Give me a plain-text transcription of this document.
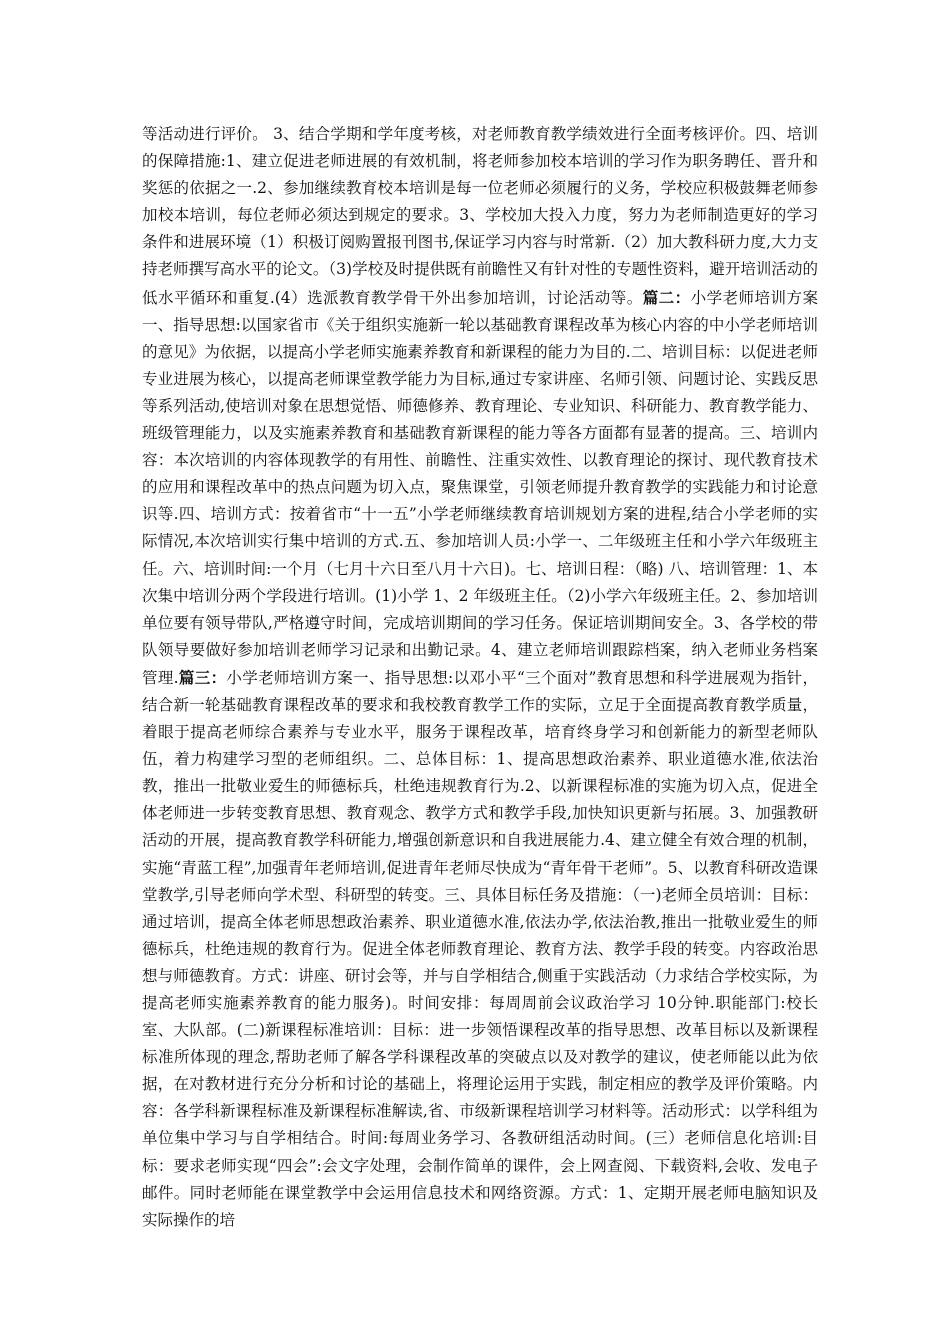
等活动进行评价。 3、结合学期和学年度考核，对老师教育教学绩效进行全面考核评价。四、培训的保障措施:1、建立促进老师进展的有效机制，将老师参加校本培训的学习作为职务聘任、晋升和奖惩的依据之一.2、参加继续教育校本培训是每一位老师必须履行的义务，学校应积极鼓舞老师参加校本培训，每位老师必须达到规定的要求。3、学校加大投入力度，努力为老师制造更好的学习条件和进展环境（1）积极订阅购置报刊图书,保证学习内容与时常新.（2）加大教科研力度,大力支持老师撰写高水平的论文。（3)学校及时提供既有前瞻性又有针对性的专题性资料，避开培训活动的低水平循环和重复.(4）选派教育教学骨干外出参加培训，讨论活动等。篇二：小学老师培训方案一、指导思想:以国家省市《关于组织实施新一轮以基础教育课程改革为核心内容的中小学老师培训的意见》为依据，以提高小学老师实施素养教育和新课程的能力为目的.二、培训目标：以促进老师专业进展为核心，以提高老师课堂教学能力为目标,通过专家讲座、名师引领、问题讨论、实践反思等系列活动,使培训对象在思想觉悟、师德修养、教育理论、专业知识、科研能力、教育教学能力、班级管理能力，以及实施素养教育和基础教育新课程的能力等各方面都有显著的提高。三、培训内容：本次培训的内容体现教学的有用性、前瞻性、注重实效性、以教育理论的探讨、现代教育技术的应用和课程改革中的热点问题为切入点，聚焦课堂，引领老师提升教育教学的实践能力和讨论意识等.四、培训方式：按着省市“十一五”小学老师继续教育培训规划方案的进程,结合小学老师的实际情况,本次培训实行集中培训的方式.五、参加培训人员:小学一、二年级班主任和小学六年级班主任。六、培训时间:一个月（七月十六日至八月十六日)。七、培训日程：（略) 八、培训管理：1、本次集中培训分两个学段进行培训。(1)小学 1、2 年级班主任。（2)小学六年级班主任。2、参加培训单位要有领导带队,严格遵守时间，完成培训期间的学习任务。保证培训期间安全。3、各学校的带队领导要做好参加培训老师学习记录和出勤记录。4、建立老师培训跟踪档案，纳入老师业务档案管理.篇三：小学老师培训方案一、指导思想:以邓小平“三个面对”教育思想和科学进展观为指针，结合新一轮基础教育课程改革的要求和我校教育教学工作的实际，立足于全面提高教育教学质量，着眼于提高老师综合素养与专业水平，服务于课程改革，培育终身学习和创新能力的新型老师队伍，着力构建学习型的老师组织。二、总体目标：1、提高思想政治素养、职业道德水准,依法治教，推出一批敬业爱生的师德标兵，杜绝违规教育行为.2、以新课程标准的实施为切入点，促进全体老师进一步转变教育思想、教育观念、教学方式和教学手段,加快知识更新与拓展。3、加强教研活动的开展，提高教育教学科研能力,增强创新意识和自我进展能力.4、建立健全有效合理的机制，实施“青蓝工程”,加强青年老师培训,促进青年老师尽快成为“青年骨干老师”。5、以教育科研改造课堂教学,引导老师向学术型、科研型的转变。三、具体目标任务及措施：（一)老师全员培训：目标：通过培训，提高全体老师思想政治素养、职业道德水准,依法办学,依法治教,推出一批敬业爱生的师德标兵，杜绝违规的教育行为。促进全体老师教育理论、教育方法、教学手段的转变。内容政治思想与师德教育。方式：讲座、研讨会等，并与自学相结合,侧重于实践活动（力求结合学校实际，为提高老师实施素养教育的能力服务)。时间安排：每周周前会议政治学习 10分钟.职能部门:校长室、大队部。(二)新课程标准培训：目标：进一步领悟课程改革的指导思想、改革目标以及新课程标准所体现的理念,帮助老师了解各学科课程改革的突破点以及对教学的建议，使老师能以此为依据，在对教材进行充分分析和讨论的基础上，将理论运用于实践，制定相应的教学及评价策略。内容：各学科新课程标准及新课程标准解读,省、市级新课程培训学习材料等。活动形式：以学科组为单位集中学习与自学相结合。时间:每周业务学习、各教研组活动时间。(三）老师信息化培训:目标：要求老师实现“四会”:会文字处理，会制作简单的课件，会上网查阅、下载资料,会收、发电子邮件。同时老师能在课堂教学中会运用信息技术和网络资源。方式：1、定期开展老师电脑知识及实际操作的培
